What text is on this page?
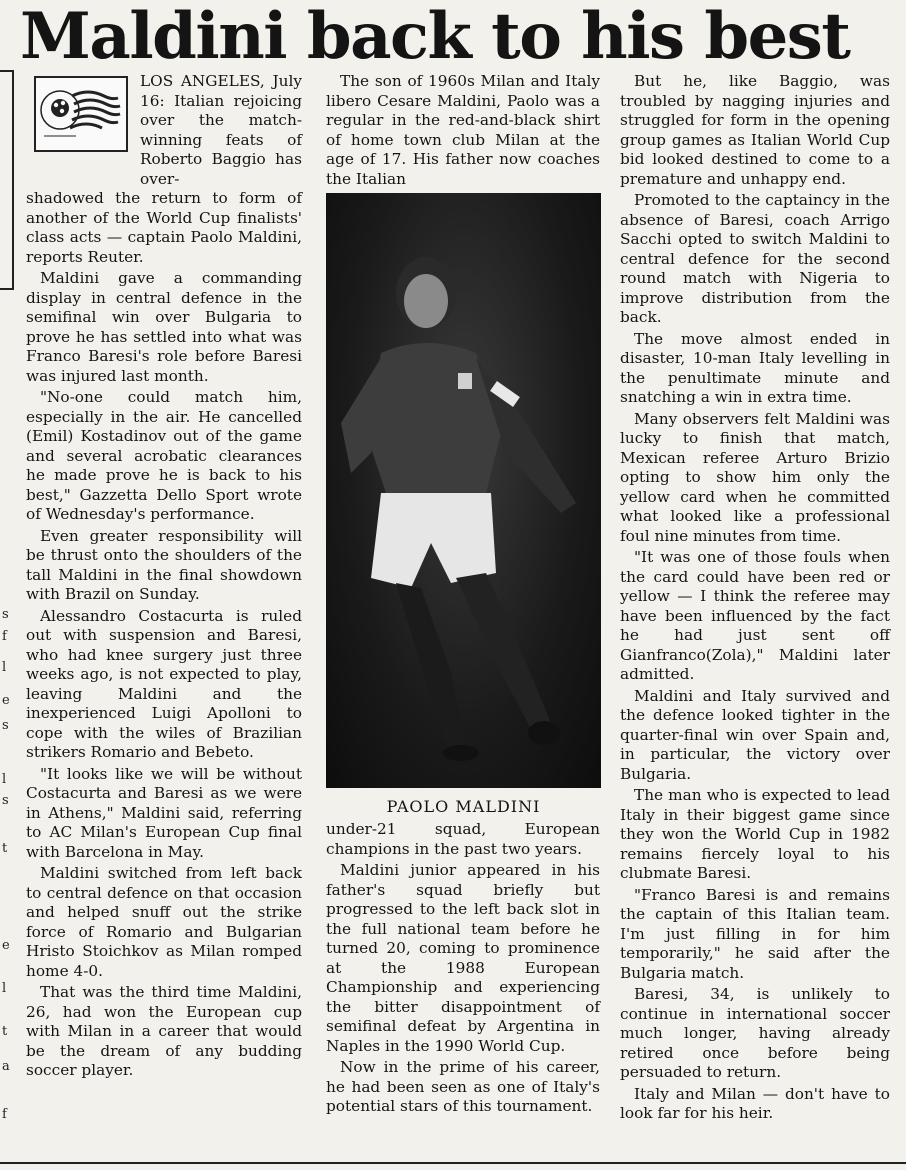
Maldini back to his best
s
f
l
e
s
l
s
t
e
l
t
a
f

LOS ANGELES, July 16: Italian rejoicing over the match-winning feats of Roberto Baggio has over-

shadowed the return to form of another of the World Cup finalists' class acts — captain Paolo Maldini, reports Reuter.

Maldini gave a commanding display in central defence in the semifinal win over Bulgaria to prove he has settled into what was Franco Baresi's role before Baresi was injured last month.

"No-one could match him, especially in the air. He cancelled (Emil) Kostadinov out of the game and several acrobatic clearances he made prove he is back to his best," Gazzetta Dello Sport wrote of Wednesday's performance.

Even greater responsibility will be thrust onto the shoulders of the tall Maldini in the final showdown with Brazil on Sunday.

Alessandro Costacurta is ruled out with suspension and Baresi, who had knee surgery just three weeks ago, is not expected to play, leaving Maldini and the inexperienced Luigi Apolloni to cope with the wiles of Brazilian strikers Romario and Bebeto.

"It looks like we will be without Costacurta and Baresi as we were in Athens," Maldini said, referring to AC Milan's European Cup final with Barcelona in May.

Maldini switched from left back to central defence on that occasion and helped snuff out the strike force of Romario and Bulgarian Hristo Stoichkov as Milan romped home 4-0.

That was the third time Maldini, 26, had won the European cup with Milan in a career that would be the dream of any budding soccer player.

The son of 1960s Milan and Italy libero Cesare Maldini, Paolo was a regular in the red-and-black shirt of home town club Milan at the age of 17. His father now coaches the Italian

PAOLO MALDINI

under-21 squad, European champions in the past two years.

Maldini junior appeared in his father's squad briefly but progressed to the left back slot in the full national team before he turned 20, coming to prominence at the 1988 European Championship and experiencing the bitter disappointment of semifinal defeat by Argentina in Naples in the 1990 World Cup.

Now in the prime of his career, he had been seen as one of Italy's potential stars of this tournament.

But he, like Baggio, was troubled by nagging injuries and struggled for form in the opening group games as Italian World Cup bid looked destined to come to a premature and unhappy end.

Promoted to the captaincy in the absence of Baresi, coach Arrigo Sacchi opted to switch Maldini to central defence for the second round match with Nigeria to improve distribution from the back.

The move almost ended in disaster, 10-man Italy levelling in the penultimate minute and snatching a win in extra time.

Many observers felt Maldini was lucky to finish that match, Mexican referee Arturo Brizio opting to show him only the yellow card when he committed what looked like a professional foul nine minutes from time.

"It was one of those fouls when the card could have been red or yellow — I think the referee may have been influenced by the fact he had just sent off Gianfranco(Zola)," Maldini later admitted.

Maldini and Italy survived and the defence looked tighter in the quarter-final win over Spain and, in particular, the victory over Bulgaria.

The man who is expected to lead Italy in their biggest game since they won the World Cup in 1982 remains fiercely loyal to his clubmate Baresi.

"Franco Baresi is and remains the captain of this Italian team. I'm just filling in for him temporarily," he said after the Bulgaria match.

Baresi, 34, is unlikely to continue in international soccer much longer, having already retired once before being persuaded to return.

Italy and Milan — don't have to look far for his heir.
